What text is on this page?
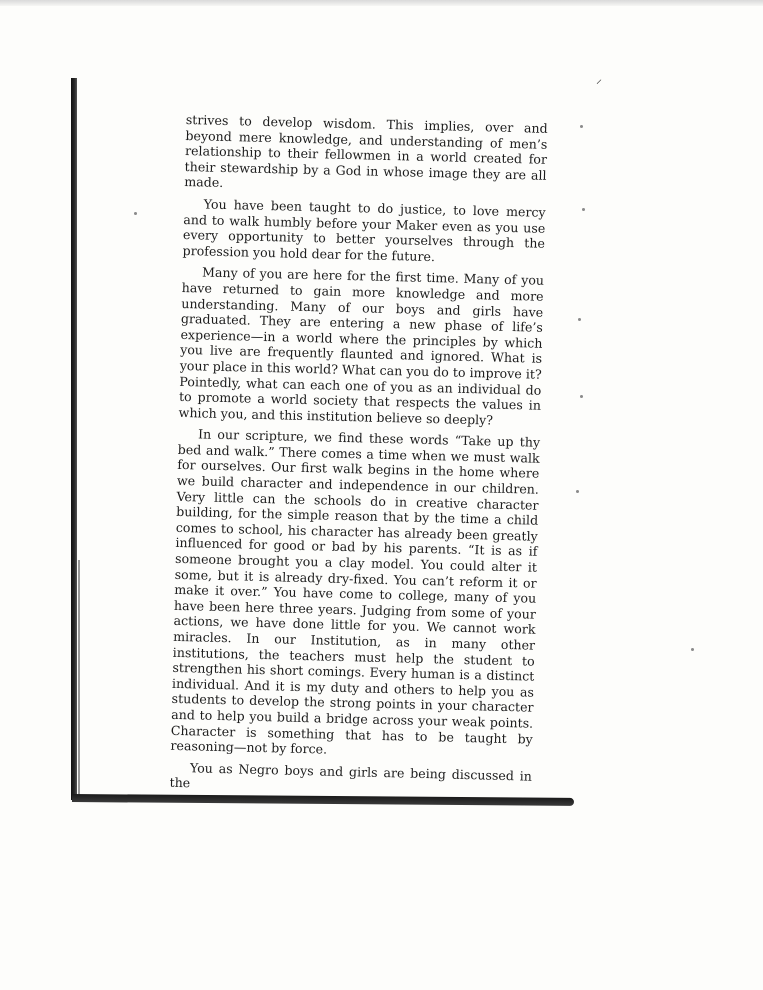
⸝

strives to develop wisdom. This implies, over and beyond mere knowledge, and understanding of men’s relationship to their fellowmen in a world created for their stewardship by a God in whose image they are all made.

You have been taught to do justice, to love mercy and to walk humbly before your Maker even as you use every opportunity to better yourselves through the profession you hold dear for the future.

Many of you are here for the first time. Many of you have returned to gain more knowledge and more understanding. Many of our boys and girls have graduated. They are entering a new phase of life’s experience—in a world where the principles by which you live are frequently flaunted and ignored. What is your place in this world? What can you do to improve it? Pointedly, what can each one of you as an individual do to promote a world society that respects the values in which you, and this institution believe so deeply?

In our scripture, we find these words “Take up thy bed and walk.” There comes a time when we must walk for ourselves. Our first walk begins in the home where we build character and independence in our children. Very little can the schools do in creative character building, for the simple reason that by the time a child comes to school, his character has already been greatly influenced for good or bad by his parents. “It is as if someone brought you a clay model. You could alter it some, but it is already dry-fixed. You can’t reform it or make it over.” You have come to college, many of you have been here three years. Judging from some of your actions, we have done little for you. We cannot work miracles. In our Institution, as in many other institutions, the teachers must help the student to strengthen his short comings. Every human is a distinct individual. And it is my duty and others to help you as students to develop the strong points in your character and to help you build a bridge across your weak points. Character is something that has to be taught by reasoning—not by force.

You as Negro boys and girls are being discussed in the
